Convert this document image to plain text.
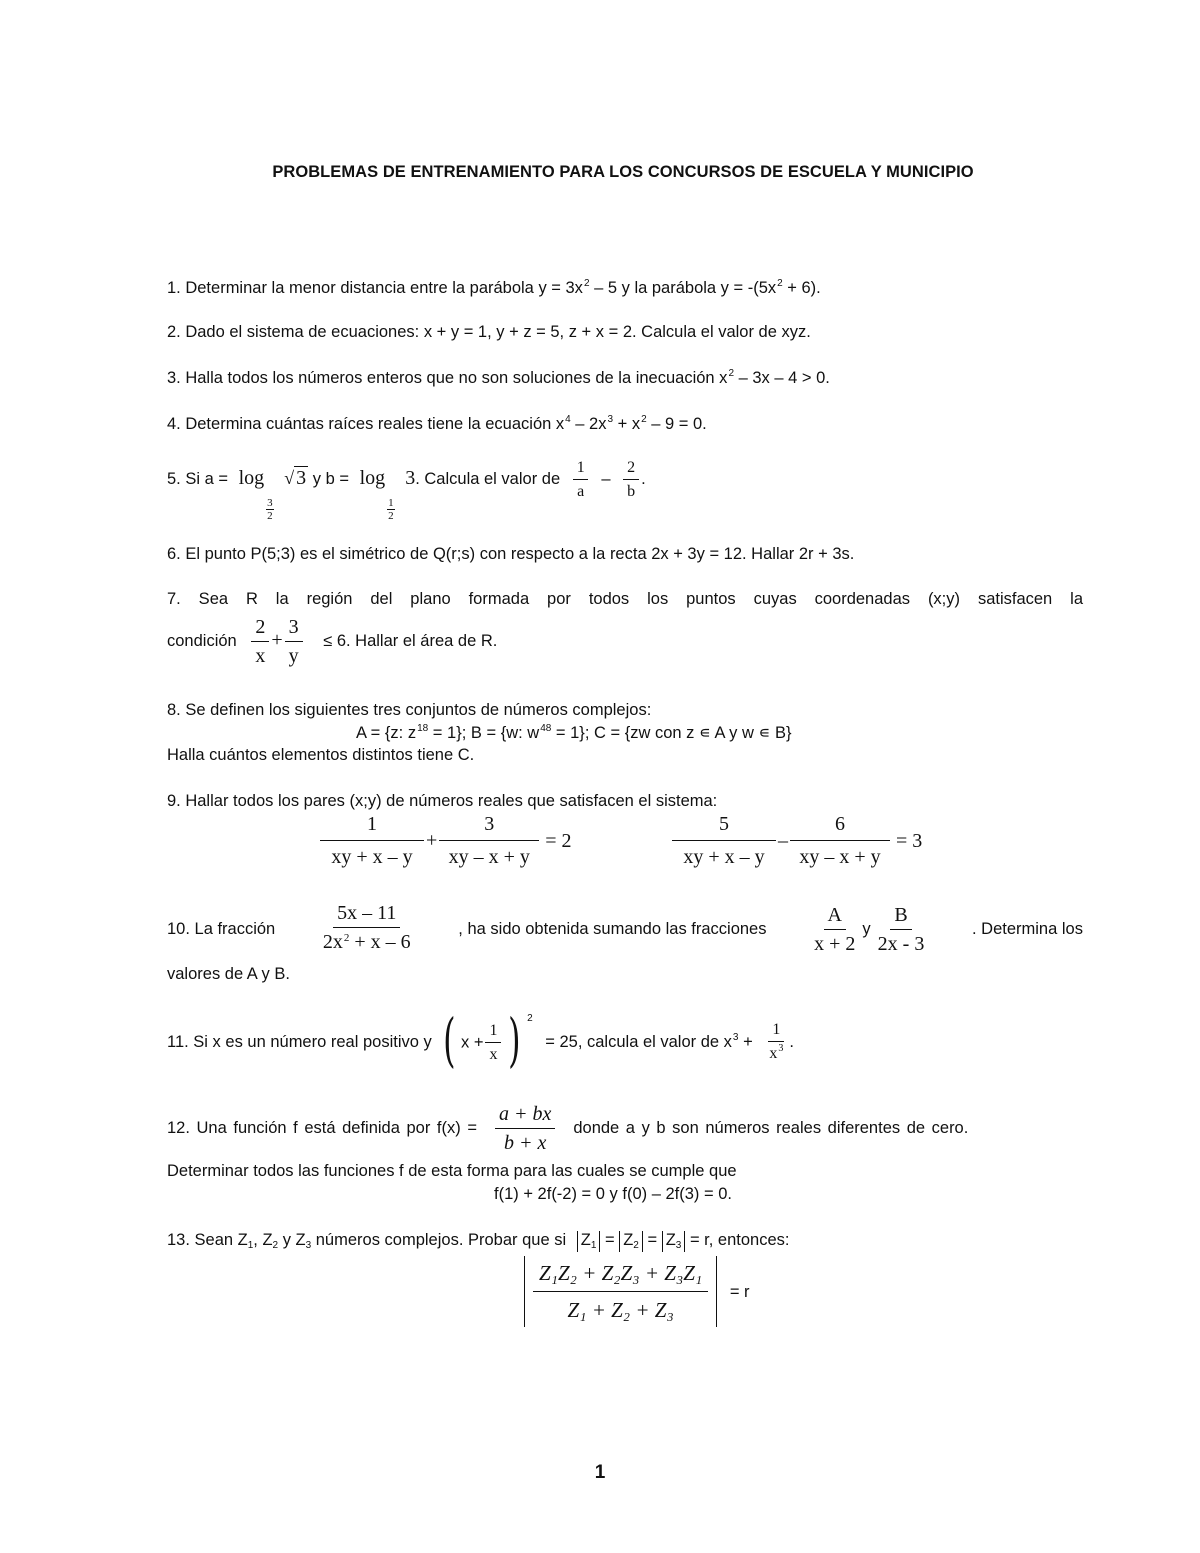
PROBLEMAS DE ENTRENAMIENTO PARA LOS CONCURSOS DE ESCUELA Y MUNICIPIO
1. Determinar la menor distancia entre la parábola $y = 3x^2 - 5$ y la parábola $y = -(5x^2 + 6)$.
2. Dado el sistema de ecuaciones: x + y = 1, y + z = 5, z + x = 2. Calcula el valor de xyz.
3. Halla todos los números enteros que no son soluciones de la inecuación $x^2 - 3x - 4 > 0$.
4. Determina cuántas raíces reales tiene la ecuación $x^4 - 2x^3 + x^2 - 9 = 0$.
5. Si a = log
$\frac{3}{2}$
√ 3 y b = log
$\frac{1}{2}$
3. Calcula el valor de $\frac{1}{a} - \frac{2}{b}$ .
6. El punto P(5;3) es el simétrico de Q(r;s) con respecto a la recta 2x + 3y = 12. Hallar 2r + 3s.
7. Sea R la región del plano formada por todos los puntos cuyas coordenadas (x;y) satisfacen la
condición $\frac{2}{x} + \frac{3}{y} \le 6$. Hallar el área de R.
8. Se definen los siguientes tres conjuntos de números complejos:
A = {z: $z^{18} = 1$}; B = {w: $w^{48} = 1$}; C = {zw con z ∊ A y w ∊ B}
Halla cuántos elementos distintos tiene C.
9. Hallar todos los pares (x;y) de números reales que satisfacen el sistema:
$\frac{1}{xy + x - y} + \frac{3}{xy - x + y} = 2$	$\frac{5}{xy + x - y} - \frac{6}{xy - x + y} = 3$
10. La fracción $\frac{5x - 11}{2x^2 + x - 6}$	, ha sido obtenida sumando las fracciones $\frac{A}{x + 2}$ y $\frac{B}{2x - 3}$	. Determina los
valores de A y B.
11. Si x es un número real positivo y ( $x + \frac{1}{x}$ ) $^2$ = 25, calcula el valor de $x^3 + \frac{1}{x^3}$ .
12. Una función f está definida por $f(x) = \frac{a + bx}{b + x}$ donde a y b son números reales diferentes de cero.
Determinar todos las funciones f de esta forma para las cuales se cumple que
f(1) + 2f(-2) = 0 y f(0) – 2f(3) = 0.
13. Sean $Z_1$, $Z_2$ y $Z_3$ números complejos. Probar que si $Z_1 = Z_2 = Z_3 = r$, entonces:
$\frac{\text{Z₁Z₂ + Z₂Z₃ + Z₃Z₁}}{\text{Z₁ + Z₂ + Z₃}} = r$
1
